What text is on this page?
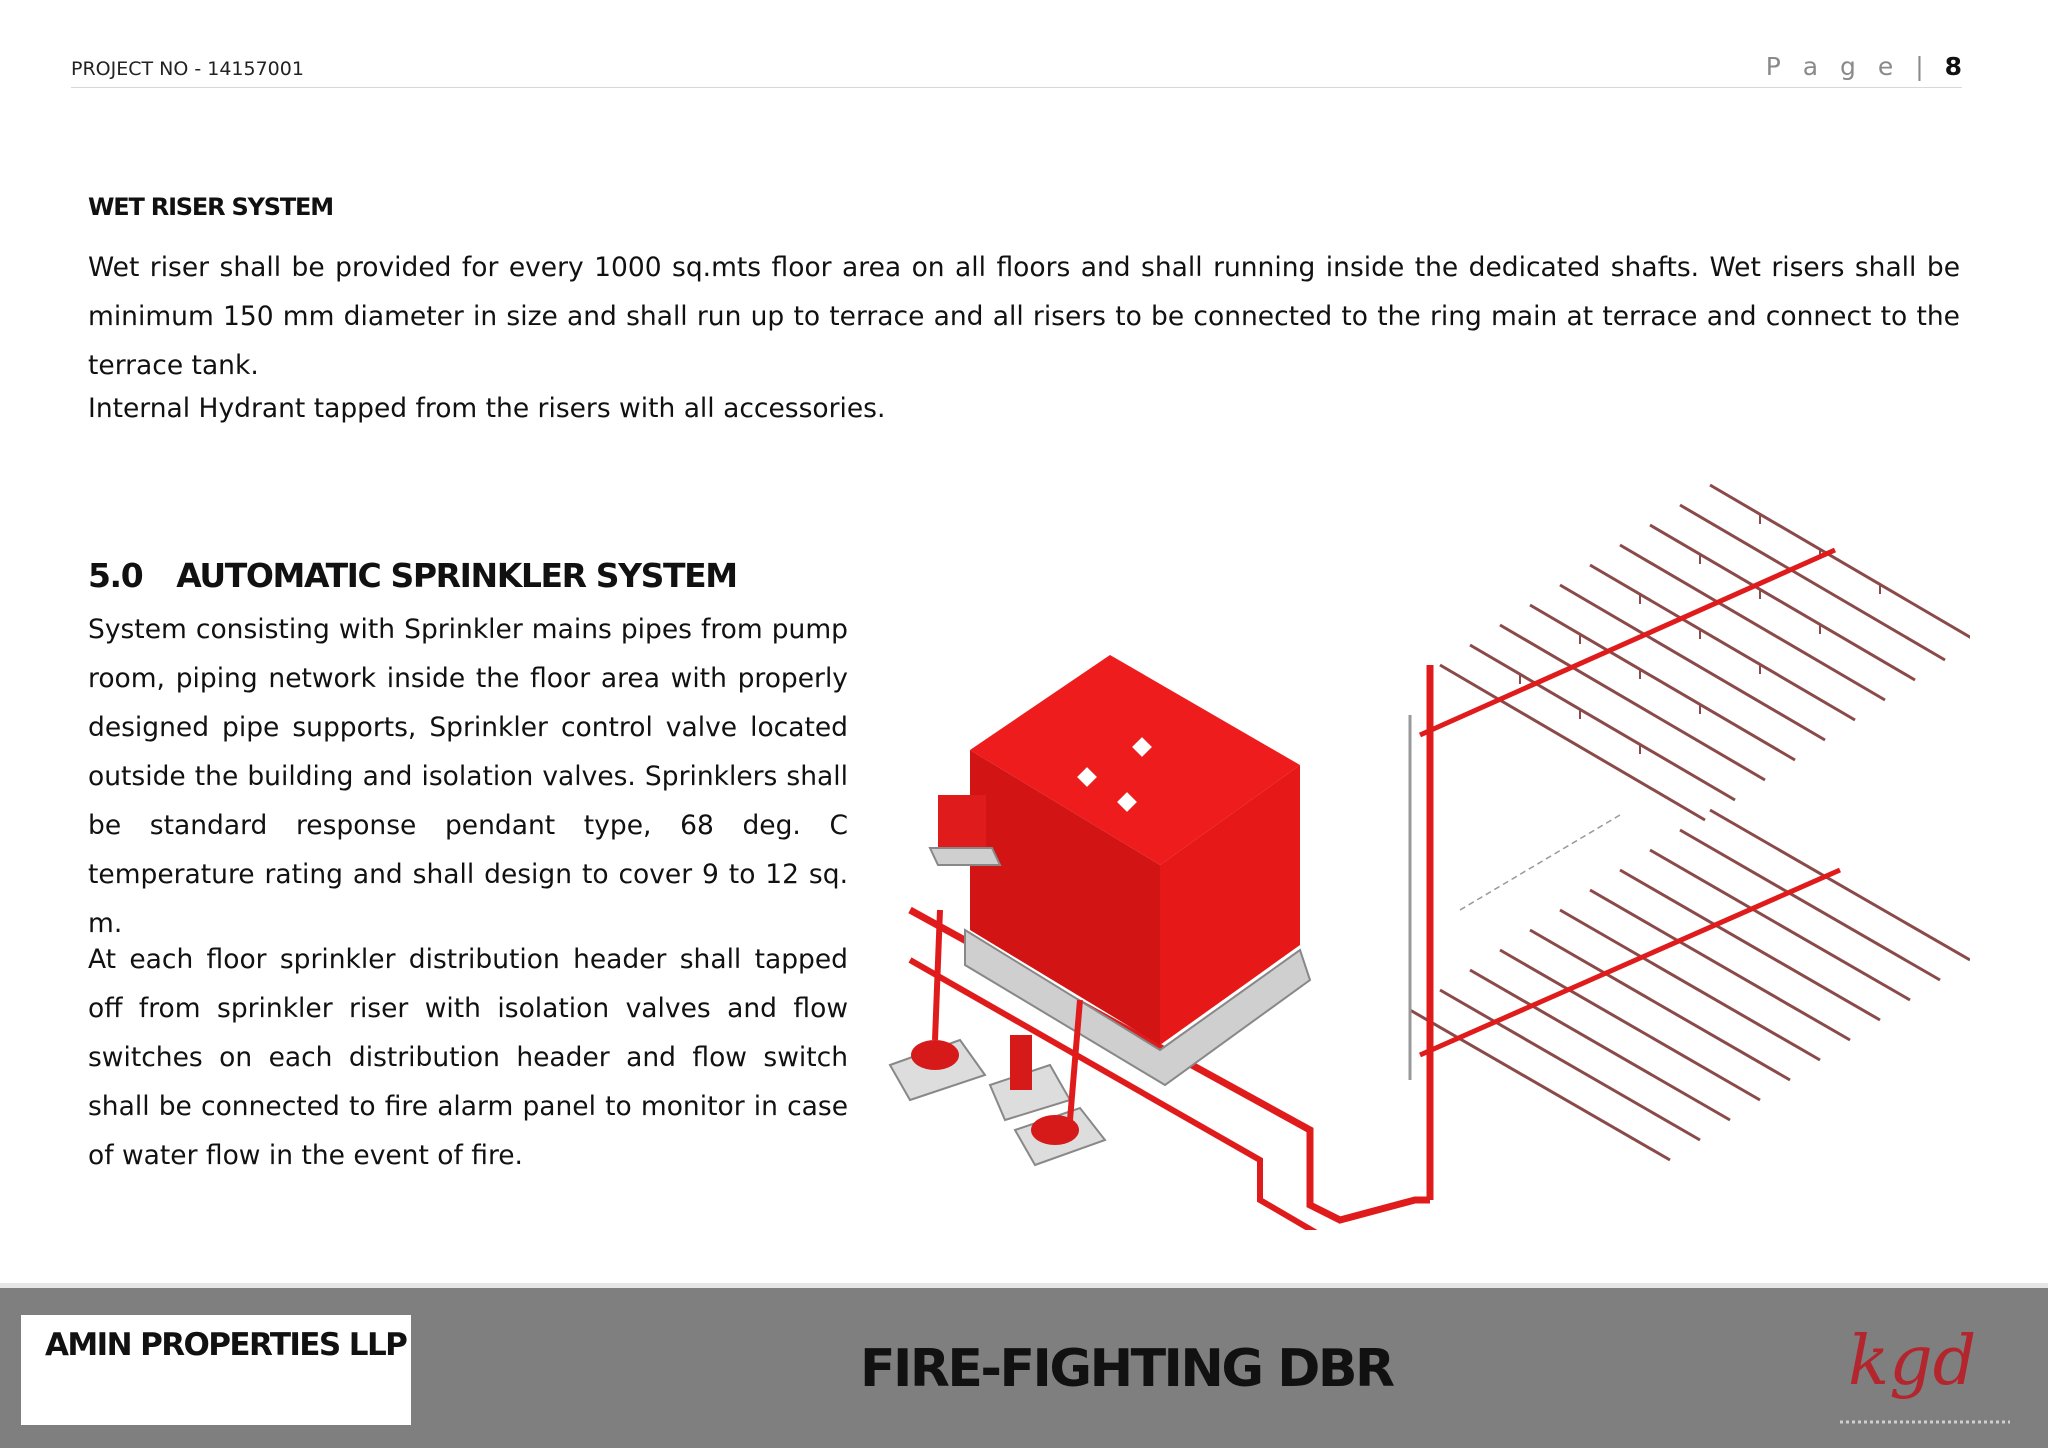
PROJECT NO - 14157001	P a g e | 8
WET RISER SYSTEM
Wet riser shall be provided for every 1000 sq.mts floor area on all floors and shall running inside the dedicated shafts. Wet risers shall be minimum 150 mm diameter in size and shall run up to terrace and all risers to be connected to the ring main at terrace and connect to the terrace tank.
Internal Hydrant tapped from the risers with all accessories.
5.0 AUTOMATIC SPRINKLER SYSTEM
System consisting with Sprinkler mains pipes from pump room, piping network inside the floor area with properly designed pipe supports, Sprinkler control valve located outside the building and isolation valves. Sprinklers shall be standard response pendant type, 68 deg. C temperature rating and shall design to cover 9 to 12 sq. m.
At each floor sprinkler distribution header shall tapped off from sprinkler riser with isolation valves and flow switches on each distribution header and flow switch shall be connected to fire alarm panel to monitor in case of water flow in the event of fire.
AMIN PROPERTIES LLP	FIRE-FIGHTING DBR	kgd
